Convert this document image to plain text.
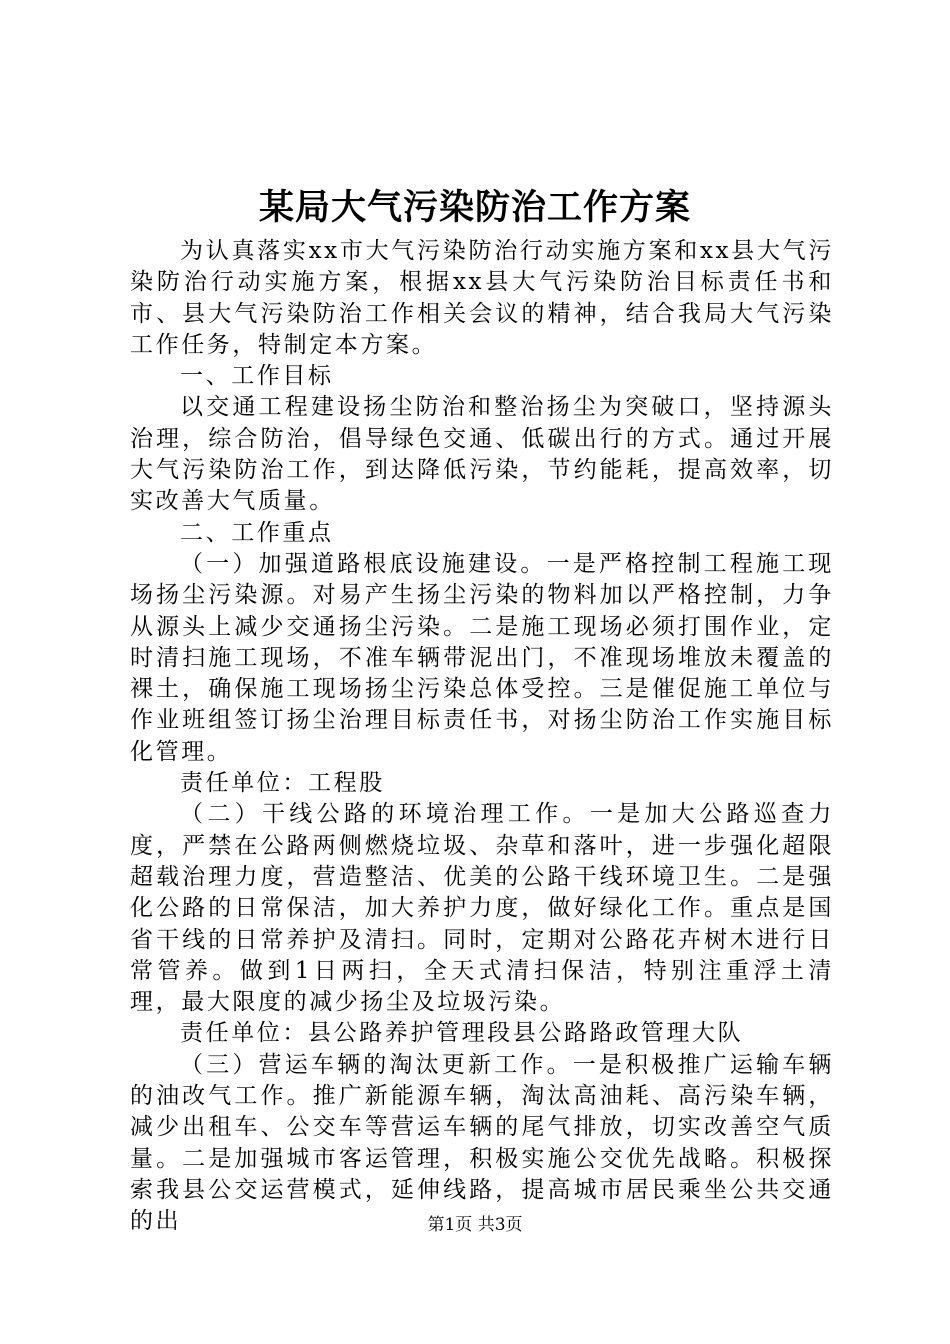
某局大气污染防治工作方案

为认真落实xx市大气污染防治行动实施方案和xx县大气污染防治行动实施方案，根据xx县大气污染防治目标责任书和市、县大气污染防治工作相关会议的精神，结合我局大气污染工作任务，特制定本方案。

一、工作目标

以交通工程建设扬尘防治和整治扬尘为突破口，坚持源头治理，综合防治，倡导绿色交通、低碳出行的方式。通过开展大气污染防治工作，到达降低污染，节约能耗，提高效率，切实改善大气质量。

二、工作重点

（一）加强道路根底设施建设。一是严格控制工程施工现场扬尘污染源。对易产生扬尘污染的物料加以严格控制，力争从源头上减少交通扬尘污染。二是施工现场必须打围作业，定时清扫施工现场，不准车辆带泥出门，不准现场堆放未覆盖的裸土，确保施工现场扬尘污染总体受控。三是催促施工单位与作业班组签订扬尘治理目标责任书，对扬尘防治工作实施目标化管理。

责任单位：工程股

（二）干线公路的环境治理工作。一是加大公路巡查力度，严禁在公路两侧燃烧垃圾、杂草和落叶，进一步强化超限超载治理力度，营造整洁、优美的公路干线环境卫生。二是强化公路的日常保洁，加大养护力度，做好绿化工作。重点是国省干线的日常养护及清扫。同时，定期对公路花卉树木进行日常管养。做到1日两扫，全天式清扫保洁，特别注重浮土清理，最大限度的减少扬尘及垃圾污染。

责任单位：县公路养护管理段县公路路政管理大队

（三）营运车辆的淘汰更新工作。一是积极推广运输车辆的油改气工作。推广新能源车辆，淘汰高油耗、高污染车辆，减少出租车、公交车等营运车辆的尾气排放，切实改善空气质量。二是加强城市客运管理，积极实施公交优先战略。积极探索我县公交运营模式，延伸线路，提高城市居民乘坐公共交通的出	第1页 共3页
